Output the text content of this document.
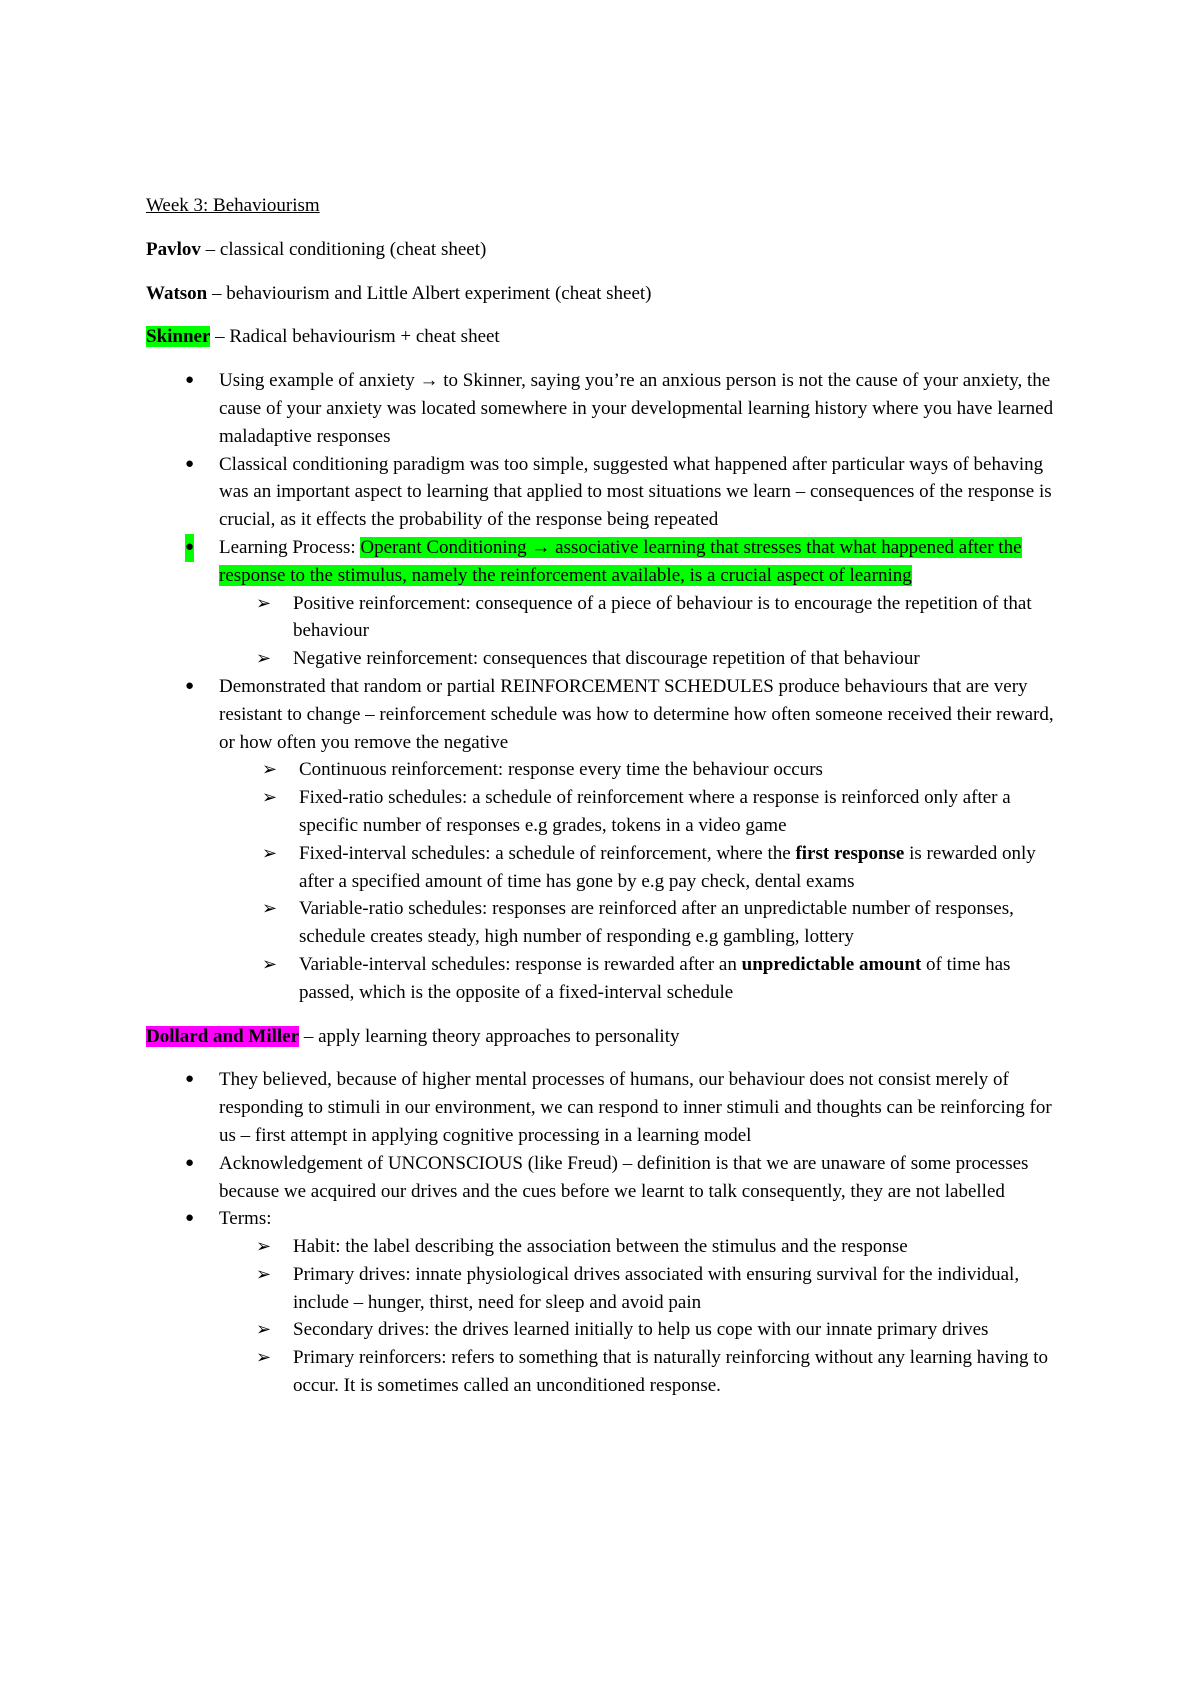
Week 3: Behaviourism

Pavlov – classical conditioning (cheat sheet)

Watson – behaviourism and Little Albert experiment (cheat sheet)

Skinner – Radical behaviourism + cheat sheet

● Using example of anxiety → to Skinner, saying you’re an anxious person is not the cause of your anxiety, the cause of your anxiety was located somewhere in your developmental learning history where you have learned maladaptive responses
● Classical conditioning paradigm was too simple, suggested what happened after particular ways of behaving was an important aspect to learning that applied to most situations we learn – consequences of the response is crucial, as it effects the probability of the response being repeated
● Learning Process: Operant Conditioning → associative learning that stresses that what happened after the response to the stimulus, namely the reinforcement available, is a crucial aspect of learning
➢ Positive reinforcement: consequence of a piece of behaviour is to encourage the repetition of that behaviour
➢ Negative reinforcement: consequences that discourage repetition of that behaviour
● Demonstrated that random or partial REINFORCEMENT SCHEDULES produce behaviours that are very resistant to change – reinforcement schedule was how to determine how often someone received their reward, or how often you remove the negative
➢ Continuous reinforcement: response every time the behaviour occurs
➢ Fixed-ratio schedules: a schedule of reinforcement where a response is reinforced only after a specific number of responses e.g grades, tokens in a video game
➢ Fixed-interval schedules: a schedule of reinforcement, where the first response is rewarded only after a specified amount of time has gone by e.g pay check, dental exams
➢ Variable-ratio schedules: responses are reinforced after an unpredictable number of responses, schedule creates steady, high number of responding e.g gambling, lottery
➢ Variable-interval schedules: response is rewarded after an unpredictable amount of time has passed, which is the opposite of a fixed-interval schedule

Dollard and Miller – apply learning theory approaches to personality

● They believed, because of higher mental processes of humans, our behaviour does not consist merely of responding to stimuli in our environment, we can respond to inner stimuli and thoughts can be reinforcing for us – first attempt in applying cognitive processing in a learning model
● Acknowledgement of UNCONSCIOUS (like Freud) – definition is that we are unaware of some processes because we acquired our drives and the cues before we learnt to talk consequently, they are not labelled
● Terms:
➢ Habit: the label describing the association between the stimulus and the response
➢ Primary drives: innate physiological drives associated with ensuring survival for the individual, include – hunger, thirst, need for sleep and avoid pain
➢ Secondary drives: the drives learned initially to help us cope with our innate primary drives
➢ Primary reinforcers: refers to something that is naturally reinforcing without any learning having to occur. It is sometimes called an unconditioned response.
